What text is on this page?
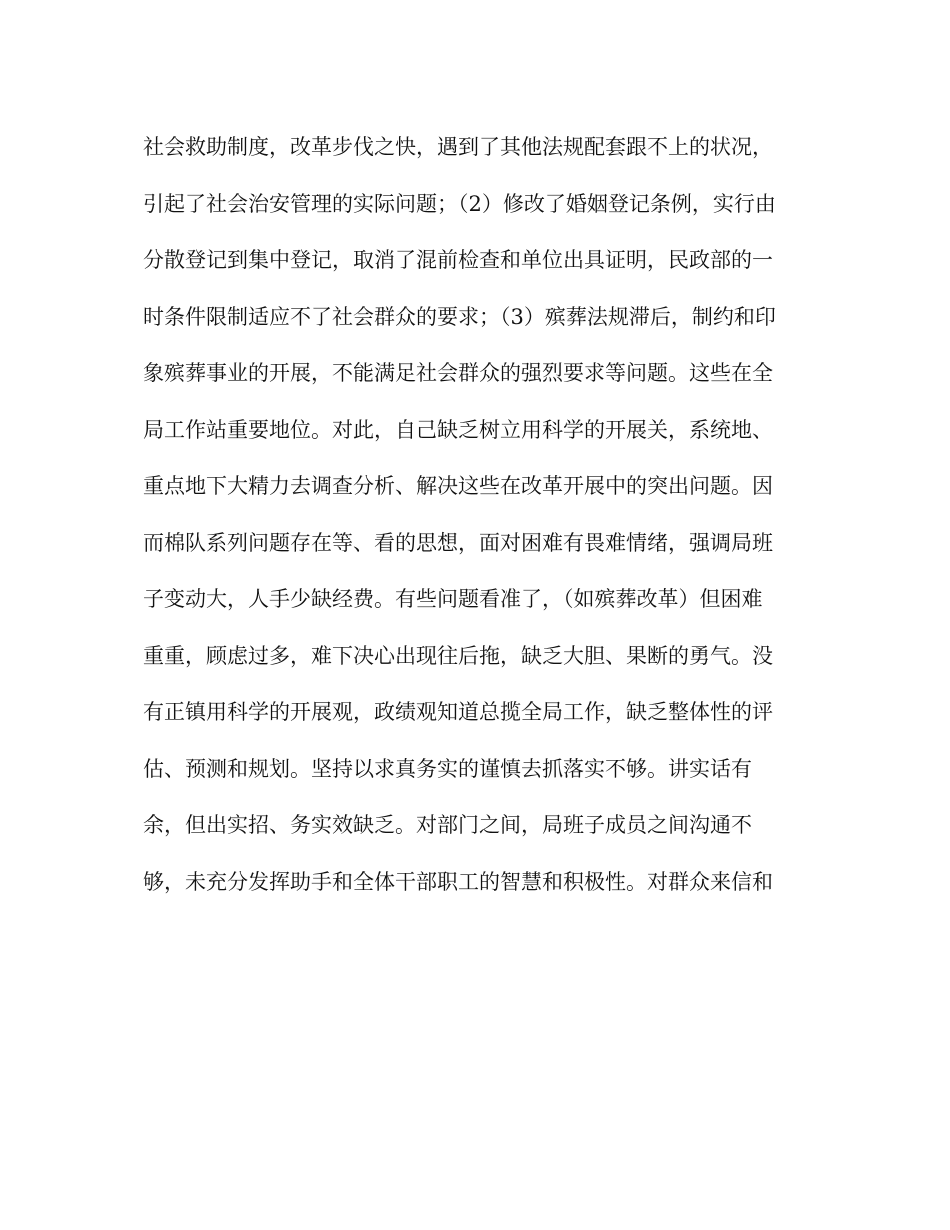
社会救助制度，改革步伐之快，遇到了其他法规配套跟不上的状况，
引起了社会治安管理的实际问题；（2）修改了婚姻登记条例，实行由
分散登记到集中登记，取消了混前检查和单位出具证明，民政部的一
时条件限制适应不了社会群众的要求；（3）殡葬法规滞后，制约和印
象殡葬事业的开展，不能满足社会群众的强烈要求等问题。这些在全
局工作站重要地位。对此，自己缺乏树立用科学的开展关，系统地、
重点地下大精力去调查分析、解决这些在改革开展中的突出问题。因
而棉队系列问题存在等、看的思想，面对困难有畏难情绪，强调局班
子变动大，人手少缺经费。有些问题看准了，（如殡葬改革）但困难
重重，顾虑过多，难下决心出现往后拖，缺乏大胆、果断的勇气。没
有正镇用科学的开展观，政绩观知道总揽全局工作，缺乏整体性的评
估、预测和规划。坚持以求真务实的谨慎去抓落实不够。讲实话有
余，但出实招、务实效缺乏。对部门之间，局班子成员之间沟通不
够，未充分发挥助手和全体干部职工的智慧和积极性。对群众来信和
